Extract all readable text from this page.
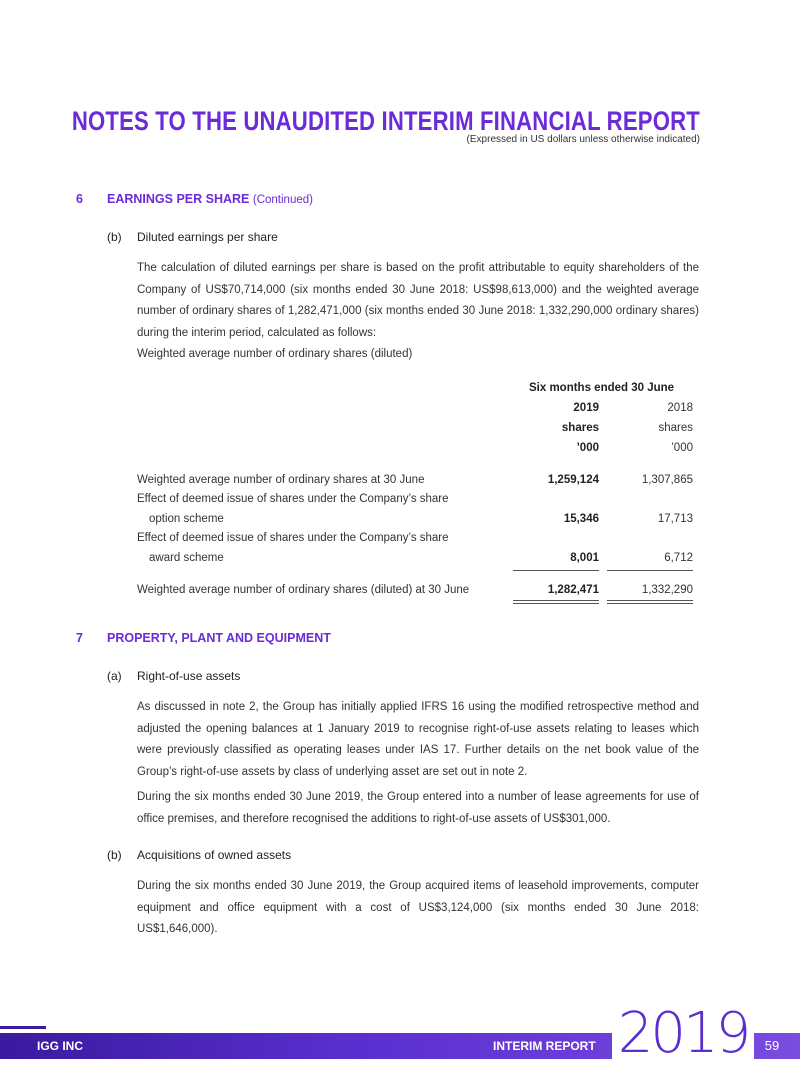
NOTES TO THE UNAUDITED INTERIM FINANCIAL REPORT
(Expressed in US dollars unless otherwise indicated)
6 EARNINGS PER SHARE (Continued)
(b) Diluted earnings per share

The calculation of diluted earnings per share is based on the profit attributable to equity shareholders of the Company of US$70,714,000 (six months ended 30 June 2018: US$98,613,000) and the weighted average number of ordinary shares of 1,282,471,000 (six months ended 30 June 2018: 1,332,290,000 ordinary shares) during the interim period, calculated as follows:

Weighted average number of ordinary shares (diluted)
Six months ended 30 June
2019	2018
shares	shares
’000	’000
Weighted average number of ordinary shares at 30 June	1,259,124	1,307,865
Effect of deemed issue of shares under the Company’s share
option scheme	15,346	17,713
Effect of deemed issue of shares under the Company’s share
award scheme	8,001	6,712
Weighted average number of ordinary shares (diluted) at 30 June	1,282,471	1,332,290
7 PROPERTY, PLANT AND EQUIPMENT
(a) Right-of-use assets

As discussed in note 2, the Group has initially applied IFRS 16 using the modified retrospective method and adjusted the opening balances at 1 January 2019 to recognise right-of-use assets relating to leases which were previously classified as operating leases under IAS 17. Further details on the net book value of the Group’s right-of-use assets by class of underlying asset are set out in note 2.

During the six months ended 30 June 2019, the Group entered into a number of lease agreements for use of office premises, and therefore recognised the additions to right-of-use assets of US$301,000.

(b) Acquisitions of owned assets

During the six months ended 30 June 2019, the Group acquired items of leasehold improvements, computer equipment and office equipment with a cost of US$3,124,000 (six months ended 30 June 2018: US$1,646,000).

IGG INC	INTERIM REPORT 2019	59
